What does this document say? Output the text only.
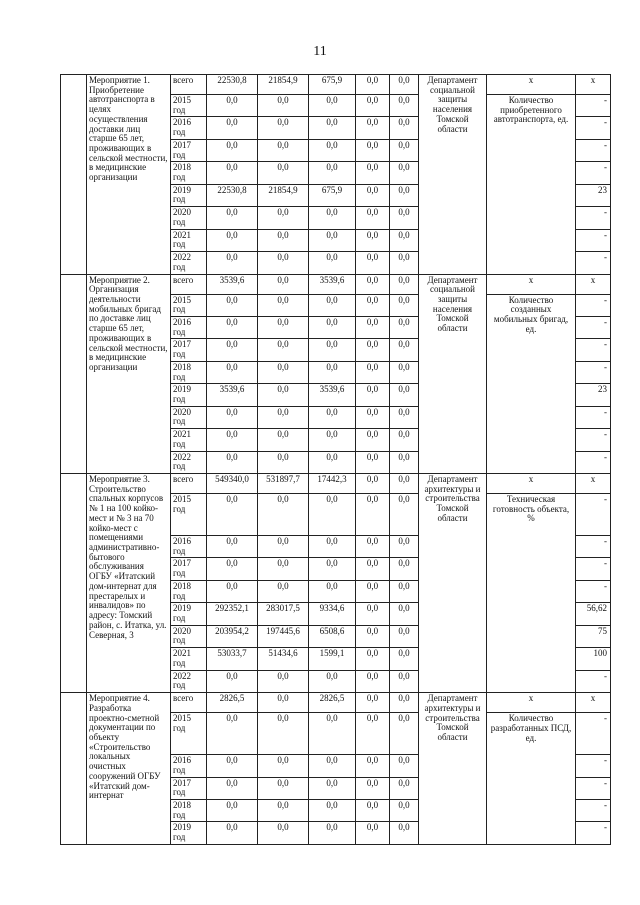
11
	Мероприятие 1. Приобретение автотранспорта в целях осуществления доставки лиц старше 65 лет, проживающих в сельской местности, в медицинские организации	всего	22530,8	21854,9	675,9	0,0	0,0	Департамент социальной защиты населения Томской области	х	х
		2015 год	0,0	0,0	0,0	0,0	0,0		Количество приобретенного автотранспорта, ед.	-
		2016 год	0,0	0,0	0,0	0,0	0,0			-
		2017 год	0,0	0,0	0,0	0,0	0,0			-
		2018 год	0,0	0,0	0,0	0,0	0,0			-
		2019 год	22530,8	21854,9	675,9	0,0	0,0			23
		2020 год	0,0	0,0	0,0	0,0	0,0			-
		2021 год	0,0	0,0	0,0	0,0	0,0			-
		2022 год	0,0	0,0	0,0	0,0	0,0			-
	Мероприятие 2. Организация деятельности мобильных бригад по доставке лиц старше 65 лет, проживающих в сельской местности, в медицинские организации	всего	3539,6	0,0	3539,6	0,0	0,0	Департамент социальной защиты населения Томской области	х	х
		2015 год	0,0	0,0	0,0	0,0	0,0		Количество созданных мобильных бригад, ед.	-
		2016 год	0,0	0,0	0,0	0,0	0,0			-
		2017 год	0,0	0,0	0,0	0,0	0,0			-
		2018 год	0,0	0,0	0,0	0,0	0,0			-
		2019 год	3539,6	0,0	3539,6	0,0	0,0			23
		2020 год	0,0	0,0	0,0	0,0	0,0			-
		2021 год	0,0	0,0	0,0	0,0	0,0			-
		2022 год	0,0	0,0	0,0	0,0	0,0			-
	Мероприятие 3. Строительство спальных корпусов № 1 на 100 койко-мест и № 3 на 70 койко-мест с помещениями административно-бытового обслуживания ОГБУ «Итатский дом-интернат для престарелых и инвалидов» по адресу: Томский район, с. Итатка, ул. Северная, 3	всего	549340,0	531897,7	17442,3	0,0	0,0	Департамент архитектуры и строительства Томской области	х	х
		2015 год	0,0	0,0	0,0	0,0	0,0		Техническая готовность объекта, %	-
		2016 год	0,0	0,0	0,0	0,0	0,0			-
		2017 год	0,0	0,0	0,0	0,0	0,0			-
		2018 год	0,0	0,0	0,0	0,0	0,0			-
		2019 год	292352,1	283017,5	9334,6	0,0	0,0			56,62
		2020 год	203954,2	197445,6	6508,6	0,0	0,0			75
		2021 год	53033,7	51434,6	1599,1	0,0	0,0			100
		2022 год	0,0	0,0	0,0	0,0	0,0			-
	Мероприятие 4. Разработка проектно-сметной документации по объекту «Строительство локальных очистных сооружений ОГБУ «Итатский дом-интернат	всего	2826,5	0,0	2826,5	0,0	0,0	Департамент архитектуры и строительства Томской области	х	х
		2015 год	0,0	0,0	0,0	0,0	0,0		Количество разработанных ПСД, ед.	-
		2016 год	0,0	0,0	0,0	0,0	0,0			-
		2017 год	0,0	0,0	0,0	0,0	0,0			-
		2018 год	0,0	0,0	0,0	0,0	0,0			-
		2019 год	0,0	0,0	0,0	0,0	0,0			-
